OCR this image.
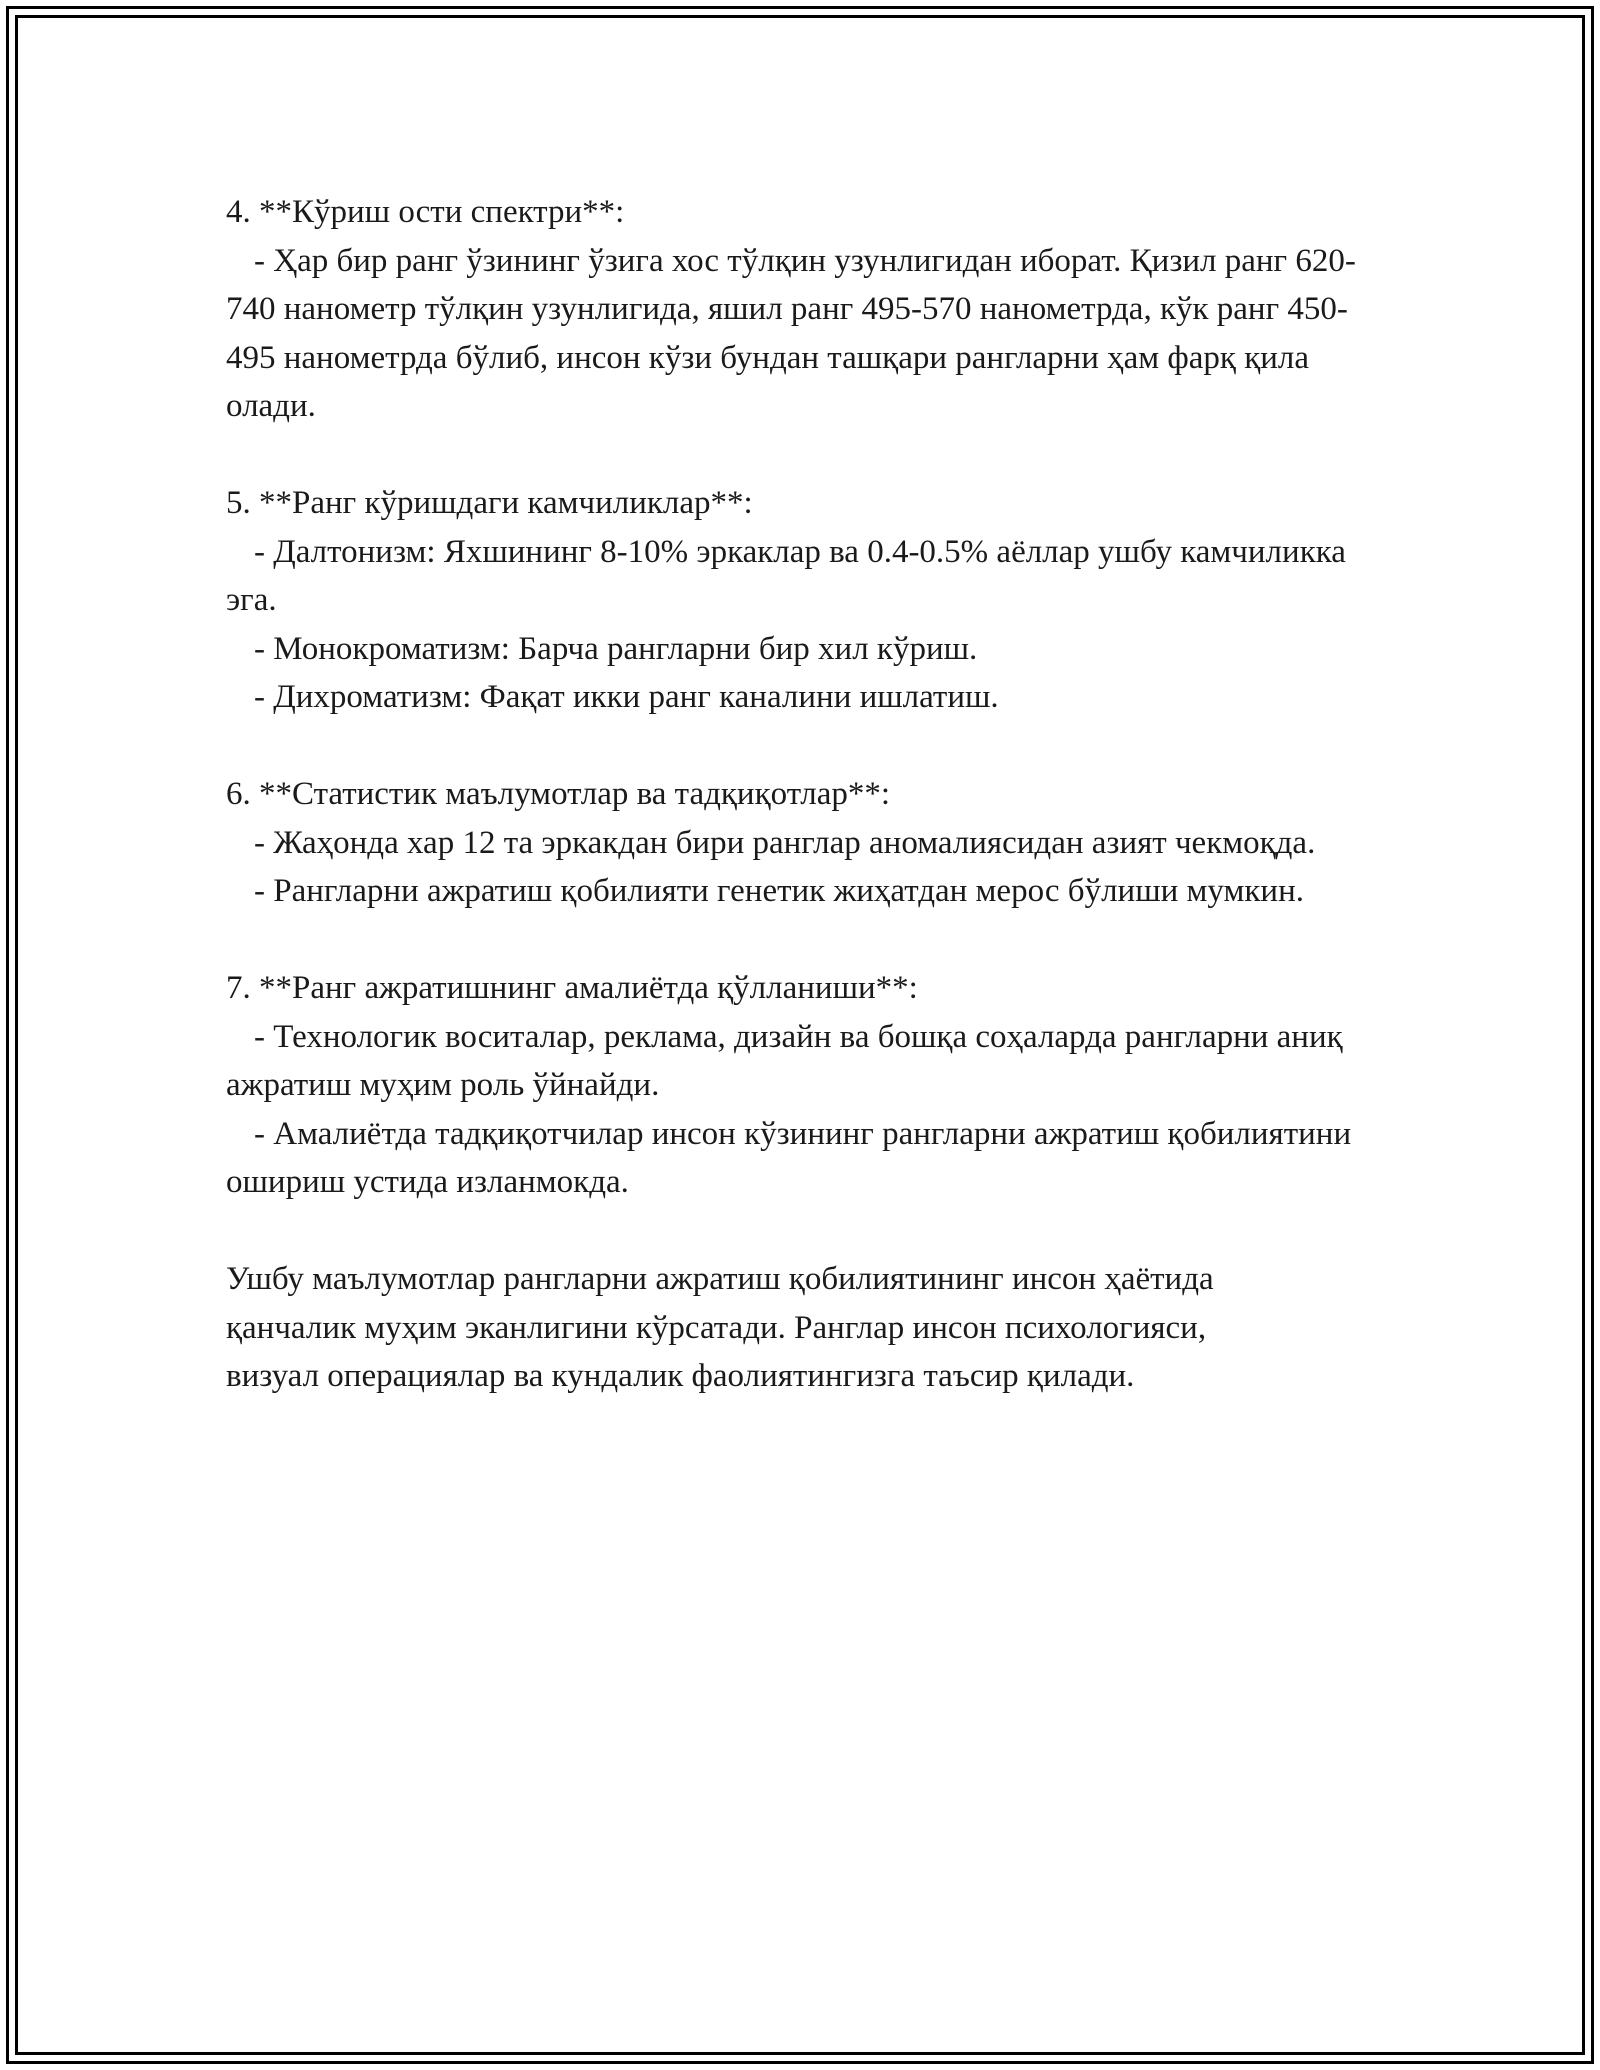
4. **Кўриш ости спектри**:

- Ҳар бир ранг ўзининг ўзига хос тўлқин узунлигидан иборат. Қизил ранг 620-740 нанометр тўлқин узунлигида, яшил ранг 495-570 нанометрда, кўк ранг 450-495 нанометрда бўлиб, инсон кўзи бундан ташқари рангларни ҳам фарқ қила олади.

5. **Ранг кўришдаги камчиликлар**:

- Далтонизм: Яхшининг 8-10% эркаклар ва 0.4-0.5% аёллар ушбу камчиликка эга.

- Монокроматизм: Барча рангларни бир хил кўриш.

- Дихроматизм: Фақат икки ранг каналини ишлатиш.

6. **Статистик маълумотлар ва тадқиқотлар**:

- Жаҳонда хар 12 та эркакдан бири ранглар аномалиясидан азият чекмоқда.

- Рангларни ажратиш қобилияти генетик жиҳатдан мерос бўлиши мумкин.

7. **Ранг ажратишнинг амалиётда қўлланиши**:

- Технологик воситалар, реклама, дизайн ва бошқа соҳаларда рангларни аниқ ажратиш муҳим роль ўйнайди.

- Амалиётда тадқиқотчилар инсон кўзининг рангларни ажратиш қобилиятини ошириш устида изланмокда.

Ушбу маълумотлар рангларни ажратиш қобилиятининг инсон ҳаётида

қанчалик муҳим эканлигини кўрсатади. Ранглар инсон психологияси,

визуал операциялар ва кундалик фаолиятингизга таъсир қилади.
